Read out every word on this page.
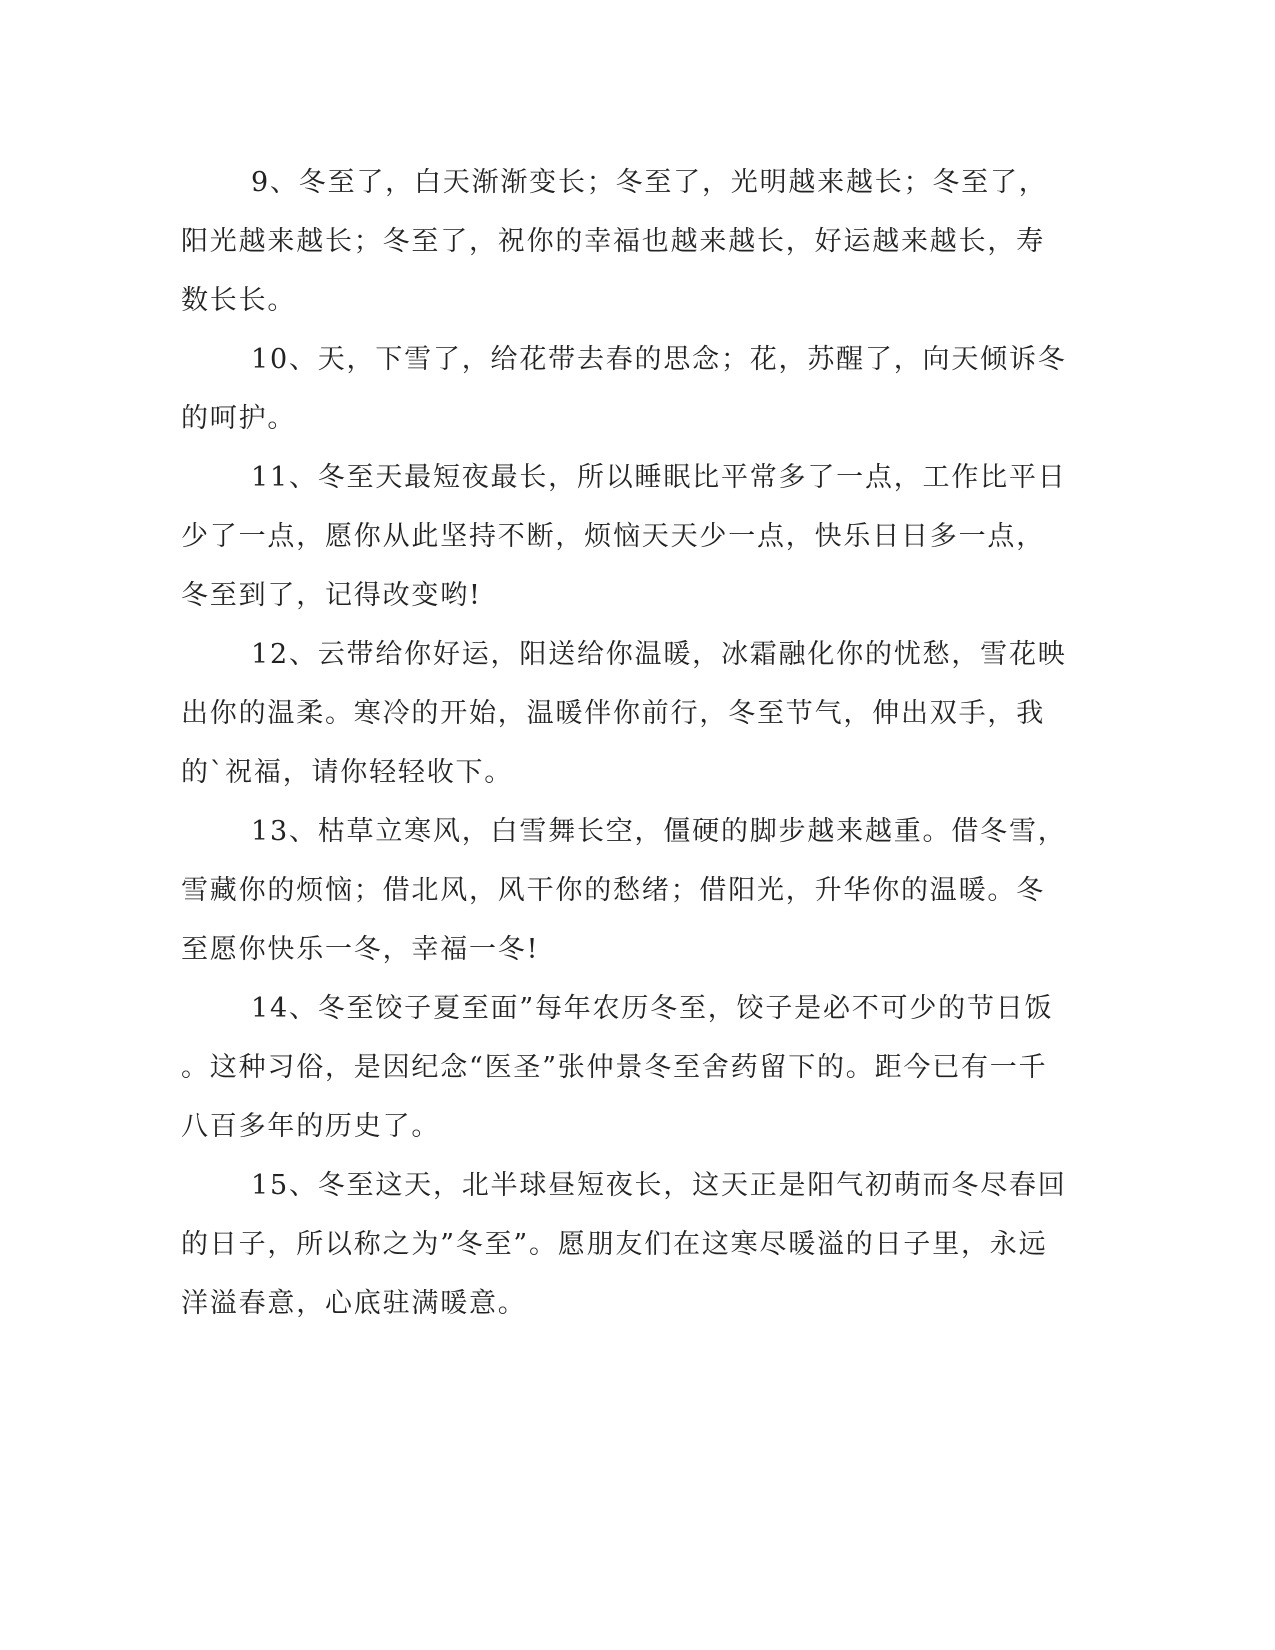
9、冬至了，白天渐渐变长；冬至了，光明越来越长；冬至了，
阳光越来越长；冬至了，祝你的幸福也越来越长，好运越来越长，寿
数长长。

10、天，下雪了，给花带去春的思念；花，苏醒了，向天倾诉冬
的呵护。

11、冬至天最短夜最长，所以睡眠比平常多了一点，工作比平日
少了一点，愿你从此坚持不断，烦恼天天少一点，快乐日日多一点，
冬至到了，记得改变哟!

12、云带给你好运，阳送给你温暖，冰霜融化你的忧愁，雪花映
出你的温柔。寒冷的开始，温暖伴你前行，冬至节气，伸出双手，我
的`祝福，请你轻轻收下。

13、枯草立寒风，白雪舞长空，僵硬的脚步越来越重。借冬雪，
雪藏你的烦恼；借北风，风干你的愁绪；借阳光，升华你的温暖。冬
至愿你快乐一冬，幸福一冬!

14、冬至饺子夏至面”每年农历冬至，饺子是必不可少的节日饭
。这种习俗，是因纪念“医圣”张仲景冬至舍药留下的。距今已有一千
八百多年的历史了。

15、冬至这天，北半球昼短夜长，这天正是阳气初萌而冬尽春回
的日子，所以称之为”冬至”。愿朋友们在这寒尽暖溢的日子里，永远
洋溢春意，心底驻满暖意。
